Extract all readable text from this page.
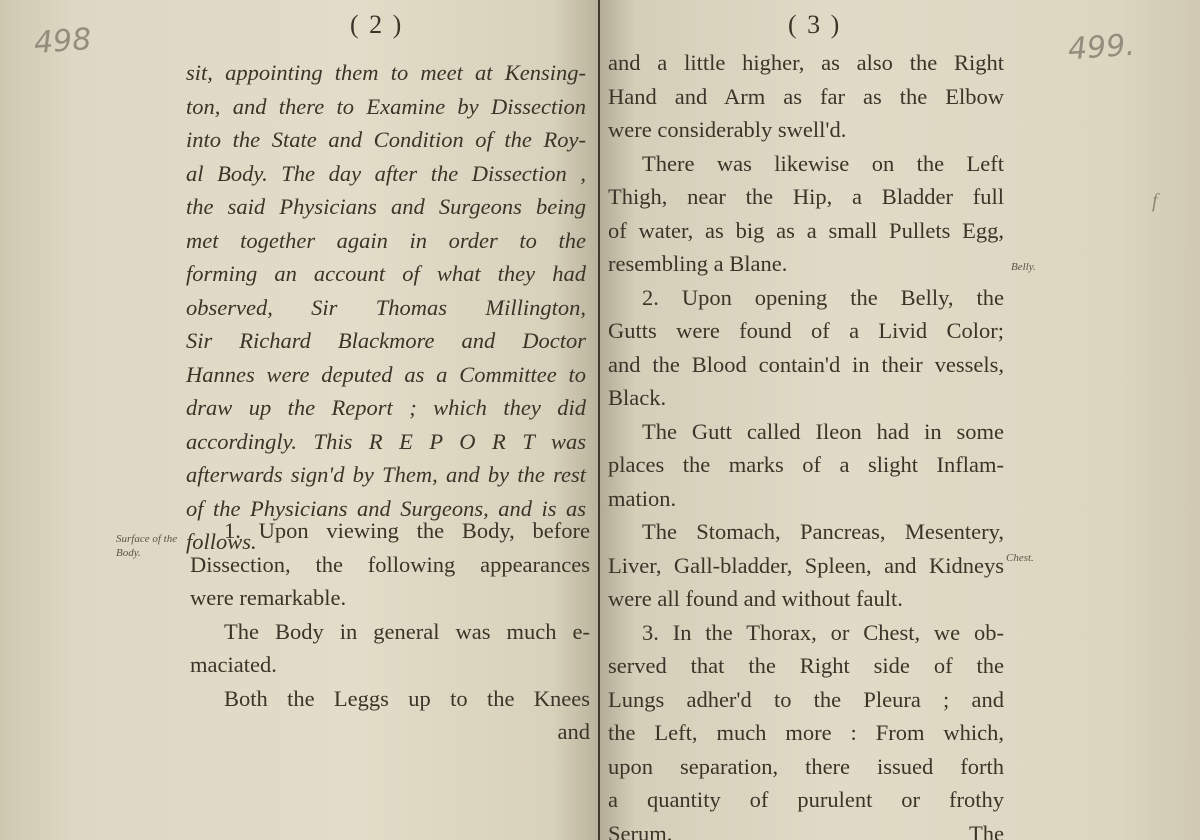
498	( 2 )
sit, appointing them to meet at Kensing-
ton, and there to Examine by Dissection
into the State and Condition of the Roy-
al Body. The day after the Dissection ,
the said Physicians and Surgeons being
met together again in order to the
forming an account of what they had
observed, Sir Thomas Millington,
Sir Richard Blackmore and Doctor
Hannes were deputed as a Committee to
draw up the Report ; which they did
accordingly. This R E P O R T was
afterwards sign'd by Them, and by the rest
of the Physicians and Surgeons, and is as
follows.
Surface of the Body.
1. Upon viewing the Body, before
Dissection, the following appearances
were remarkable.
The Body in general was much e-
maciated.
Both the Leggs up to the Knees
and
( 3 )
499.
f
and a little higher, as also the Right
Hand and Arm as far as the Elbow
were considerably swell'd.
There was likewise on the Left
Thigh, near the Hip, a Bladder full
of water, as big as a small Pullets Egg,
resembling a Blane.
2. Upon opening the Belly, the
Gutts were found of a Livid Color;
and the Blood contain'd in their vessels,
Black.
The Gutt called Ileon had in some
places the marks of a slight Inflam-
mation.
The Stomach, Pancreas, Mesentery,
Liver, Gall-bladder, Spleen, and Kidneys
were all found and without fault.
3. In the Thorax, or Chest, we ob-
served that the Right side of the
Lungs adher'd to the Pleura ; and
the Left, much more : From which,
upon separation, there issued forth
a quantity of purulent or frothy
Serum.	The
Belly.
Chest.
